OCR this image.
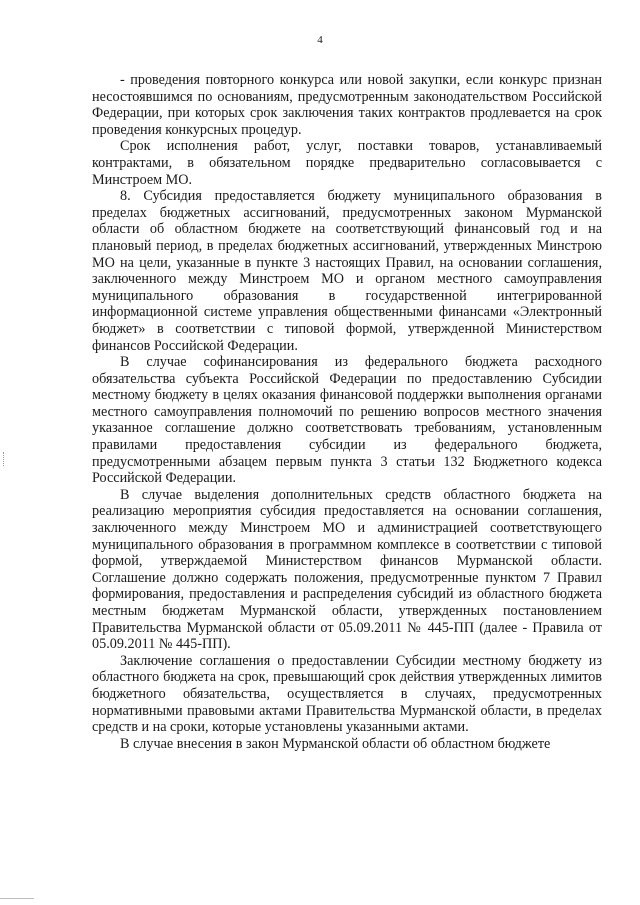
4

- проведения повторного конкурса или новой закупки, если конкурс признан несостоявшимся по основаниям, предусмотренным законодательством Российской Федерации, при которых срок заключения таких контрактов продлевается на срок проведения конкурсных процедур.

Срок исполнения работ, услуг, поставки товаров, устанавливаемый контрактами, в обязательном порядке предварительно согласовывается с Минстроем МО.

8. Субсидия предоставляется бюджету муниципального образования в пределах бюджетных ассигнований, предусмотренных законом Мурманской области об областном бюджете на соответствующий финансовый год и на плановый период, в пределах бюджетных ассигнований, утвержденных Минстрою МО на цели, указанные в пункте 3 настоящих Правил, на основании соглашения, заключенного между Минстроем МО и органом местного самоуправления муниципального образования в государственной интегрированной информационной системе управления общественными финансами «Электронный бюджет» в соответствии с типовой формой, утвержденной Министерством финансов Российской Федерации.

В случае софинансирования из федерального бюджета расходного обязательства субъекта Российской Федерации по предоставлению Субсидии местному бюджету в целях оказания финансовой поддержки выполнения органами местного самоуправления полномочий по решению вопросов местного значения указанное соглашение должно соответствовать требованиям, установленным правилами предоставления субсидии из федерального бюджета, предусмотренными абзацем первым пункта 3 статьи 132 Бюджетного кодекса Российской Федерации.

В случае выделения дополнительных средств областного бюджета на реализацию мероприятия субсидия предоставляется на основании соглашения, заключенного между Минстроем МО и администрацией соответствующего муниципального образования в программном комплексе в соответствии с типовой формой, утверждаемой Министерством финансов Мурманской области. Соглашение должно содержать положения, предусмотренные пунктом 7 Правил формирования, предоставления и распределения субсидий из областного бюджета местным бюджетам Мурманской области, утвержденных постановлением Правительства Мурманской области от 05.09.2011 № 445-ПП (далее - Правила от 05.09.2011 № 445-ПП).

Заключение соглашения о предоставлении Субсидии местному бюджету из областного бюджета на срок, превышающий срок действия утвержденных лимитов бюджетного обязательства, осуществляется в случаях, предусмотренных нормативными правовыми актами Правительства Мурманской области, в пределах средств и на сроки, которые установлены указанными актами.

В случае внесения в закон Мурманской области об областном бюджете
